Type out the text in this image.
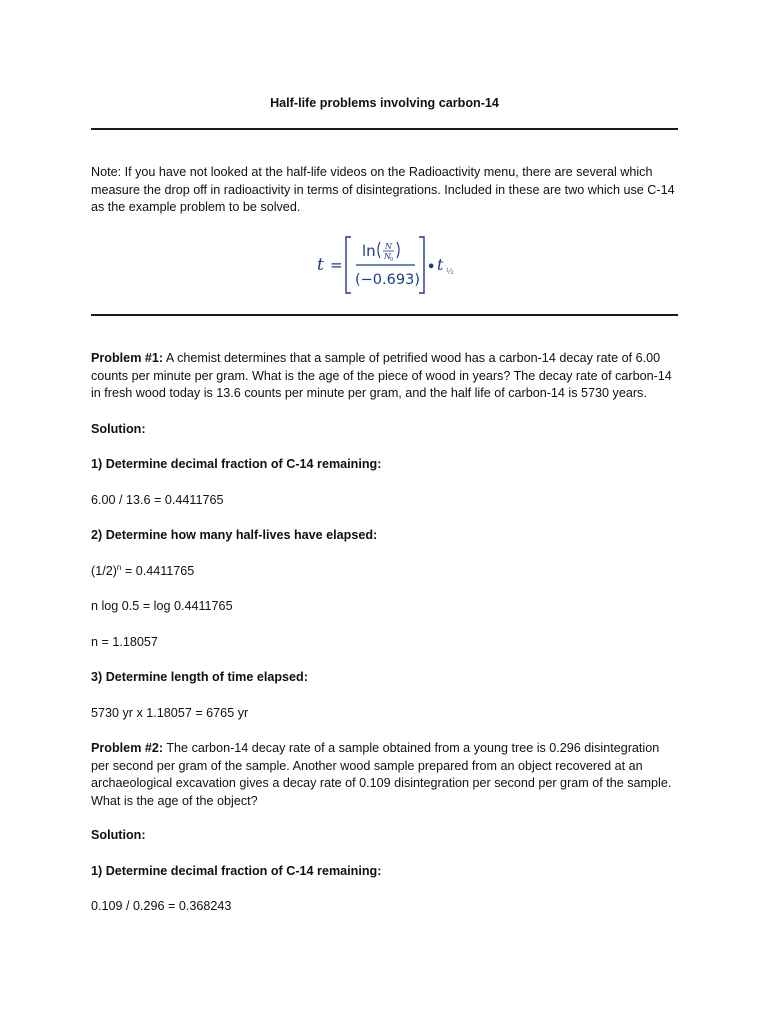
Half-life problems involving carbon-14

Note: If you have not looked at the half-life videos on the Radioactivity menu, there are several which measure the drop off in radioactivity in terms of disintegrations. Included in these are two which use C-14 as the example problem to be solved.

t =
ln N
N 0
(−0.693)
• t ½

Problem #1: A chemist determines that a sample of petrified wood has a carbon-14 decay rate of 6.00 counts per minute per gram. What is the age of the piece of wood in years? The decay rate of carbon-14 in fresh wood today is 13.6 counts per minute per gram, and the half life of carbon-14 is 5730 years.

Solution:

1) Determine decimal fraction of C-14 remaining:

6.00 / 13.6 = 0.4411765

2) Determine how many half-lives have elapsed:

$(1/2)^n = 0.4411765$

n log 0.5 = log 0.4411765

n = 1.18057

3) Determine length of time elapsed:

5730 yr x 1.18057 = 6765 yr

Problem #2: The carbon-14 decay rate of a sample obtained from a young tree is 0.296 disintegration per second per gram of the sample. Another wood sample prepared from an object recovered at an archaeological excavation gives a decay rate of 0.109 disintegration per second per gram of the sample. What is the age of the object?

Solution:

1) Determine decimal fraction of C-14 remaining:

0.109 / 0.296 = 0.368243
